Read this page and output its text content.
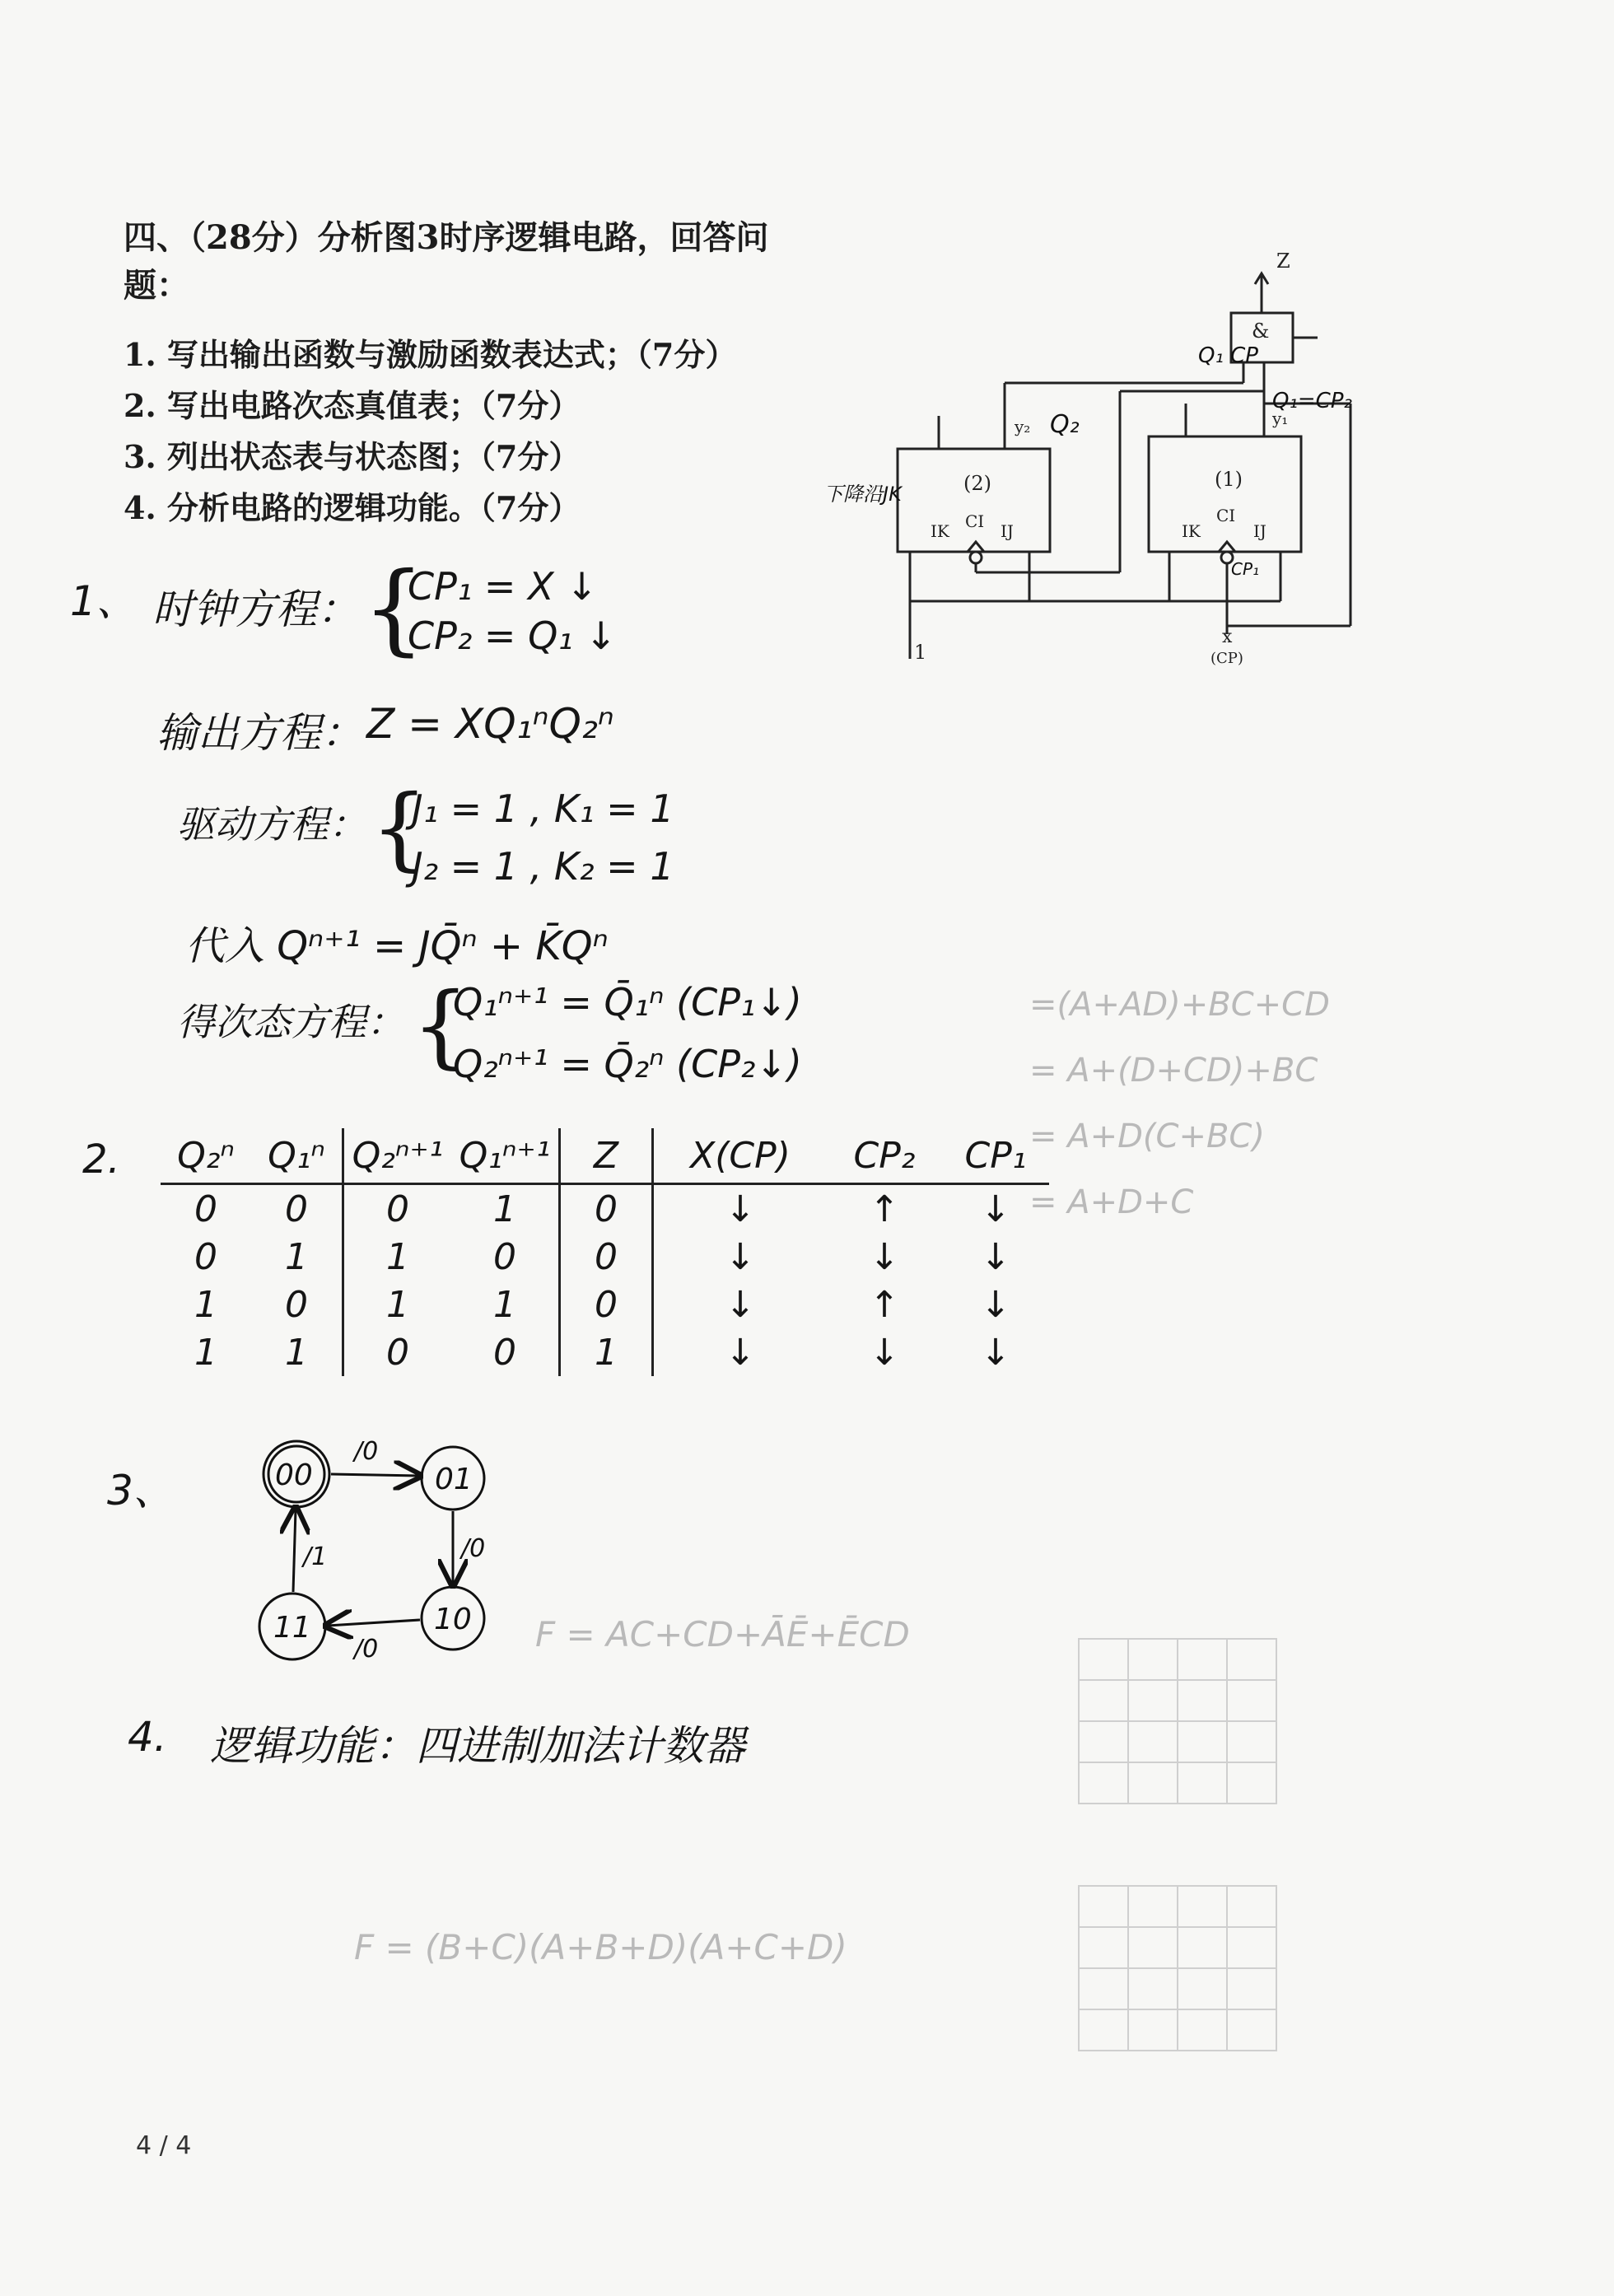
=(A+AD)+BC+CD
= A+(D+CD)+BC
= A+D(C+BC)
= A+D+C
F = AC+CD+ĀĒ+ĒCD
F = (B+C)(A+B+D)(A+C+D)
四、（28分）分析图3时序逻辑电路，回答问
题：
1. 写出输出函数与激励函数表达式；（7分）
2. 写出电路次态真值表；（7分）
3. 列出状态表与状态图；（7分）
4. 分析电路的逻辑功能。（7分）
Z
&
(2)
IK CI IJ
y₂
(1)
IK
CI
IJ
y₁
1
x
(CP)
Q₂
Q₁ CP
Q₁=CP₂
CP₁
下降沿JK
1、 时钟方程： {
CP₁ = X ↓
CP₂ = Q₁ ↓
输出方程： Z = XQ₁ⁿQ₂ⁿ
驱动方程： {
J₁ = 1 , K₁ = 1
J₂ = 1 , K₂ = 1
代入 Qⁿ⁺¹ = JQ̄ⁿ + K̄Qⁿ
得次态方程： {
Q₁ⁿ⁺¹ = Q̄₁ⁿ (CP₁↓)
Q₂ⁿ⁺¹ = Q̄₂ⁿ (CP₂↓)
2. Q₂ⁿ	Q₁ⁿ	Q₂ⁿ⁺¹	Q₁ⁿ⁺¹	Z	X(CP)	CP₂	CP₁
0	0	0	1	0	↓	↑	↓
0	1	1	0	0	↓	↓	↓
1	0	1	1	0	↓	↑	↓
1	1	0	0	1	↓	↓	↓
3、	00	01
10
11
/0
/0
/0
/1
4. 逻辑功能：四进制加法计数器
4 / 4
